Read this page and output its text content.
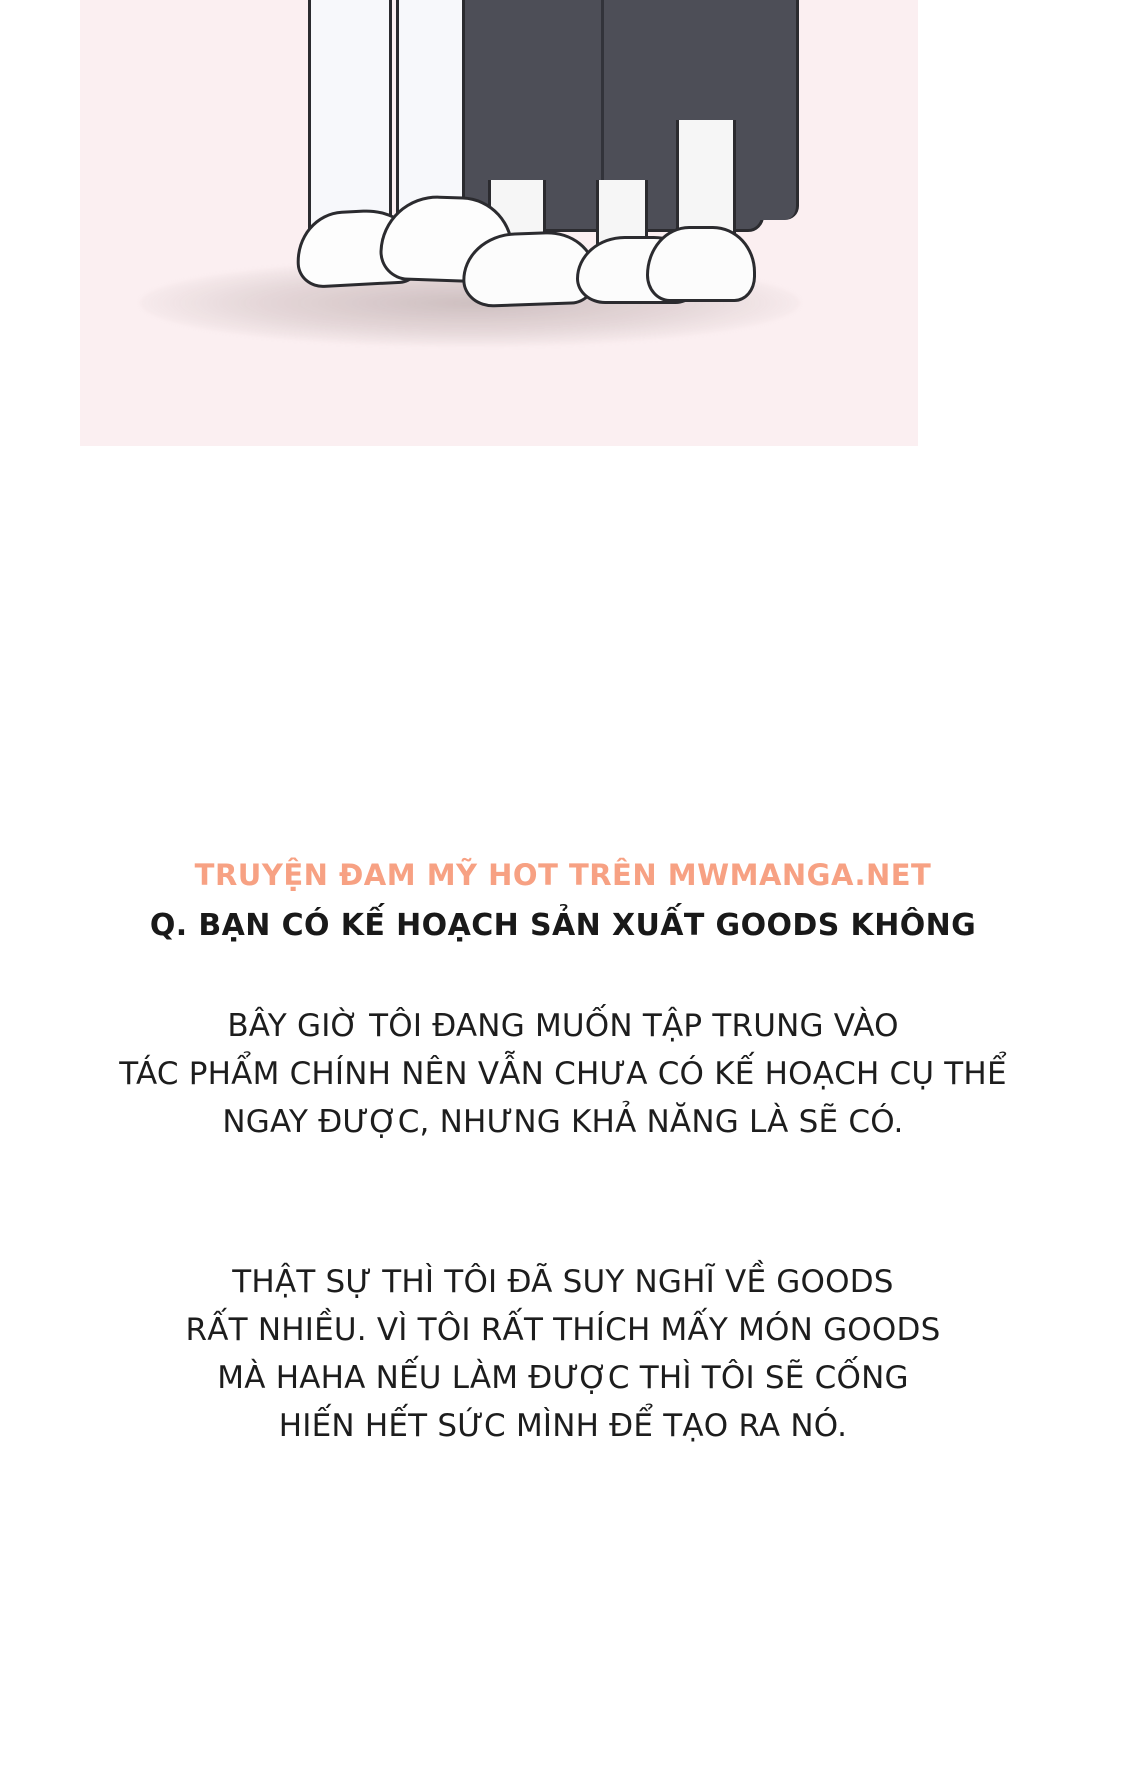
TRUYỆN ĐAM MỸ HOT TRÊN MWMANGA.NET
Q. BẠN CÓ KẾ HOẠCH SẢN XUẤT GOODS KHÔNG
BÂY GIỜ TÔI ĐANG MUỐN TẬP TRUNG VÀO
TÁC PHẨM CHÍNH NÊN VẪN CHƯA CÓ KẾ HOẠCH CỤ THỂ
NGAY ĐƯỢC, NHƯNG KHẢ NĂNG LÀ SẼ CÓ.
THẬT SỰ THÌ TÔI ĐÃ SUY NGHĨ VỀ GOODS
RẤT NHIỀU. VÌ TÔI RẤT THÍCH MẤY MÓN GOODS
MÀ HAHA NẾU LÀM ĐƯỢC THÌ TÔI SẼ CỐNG
HIẾN HẾT SỨC MÌNH ĐỂ TẠO RA NÓ.
